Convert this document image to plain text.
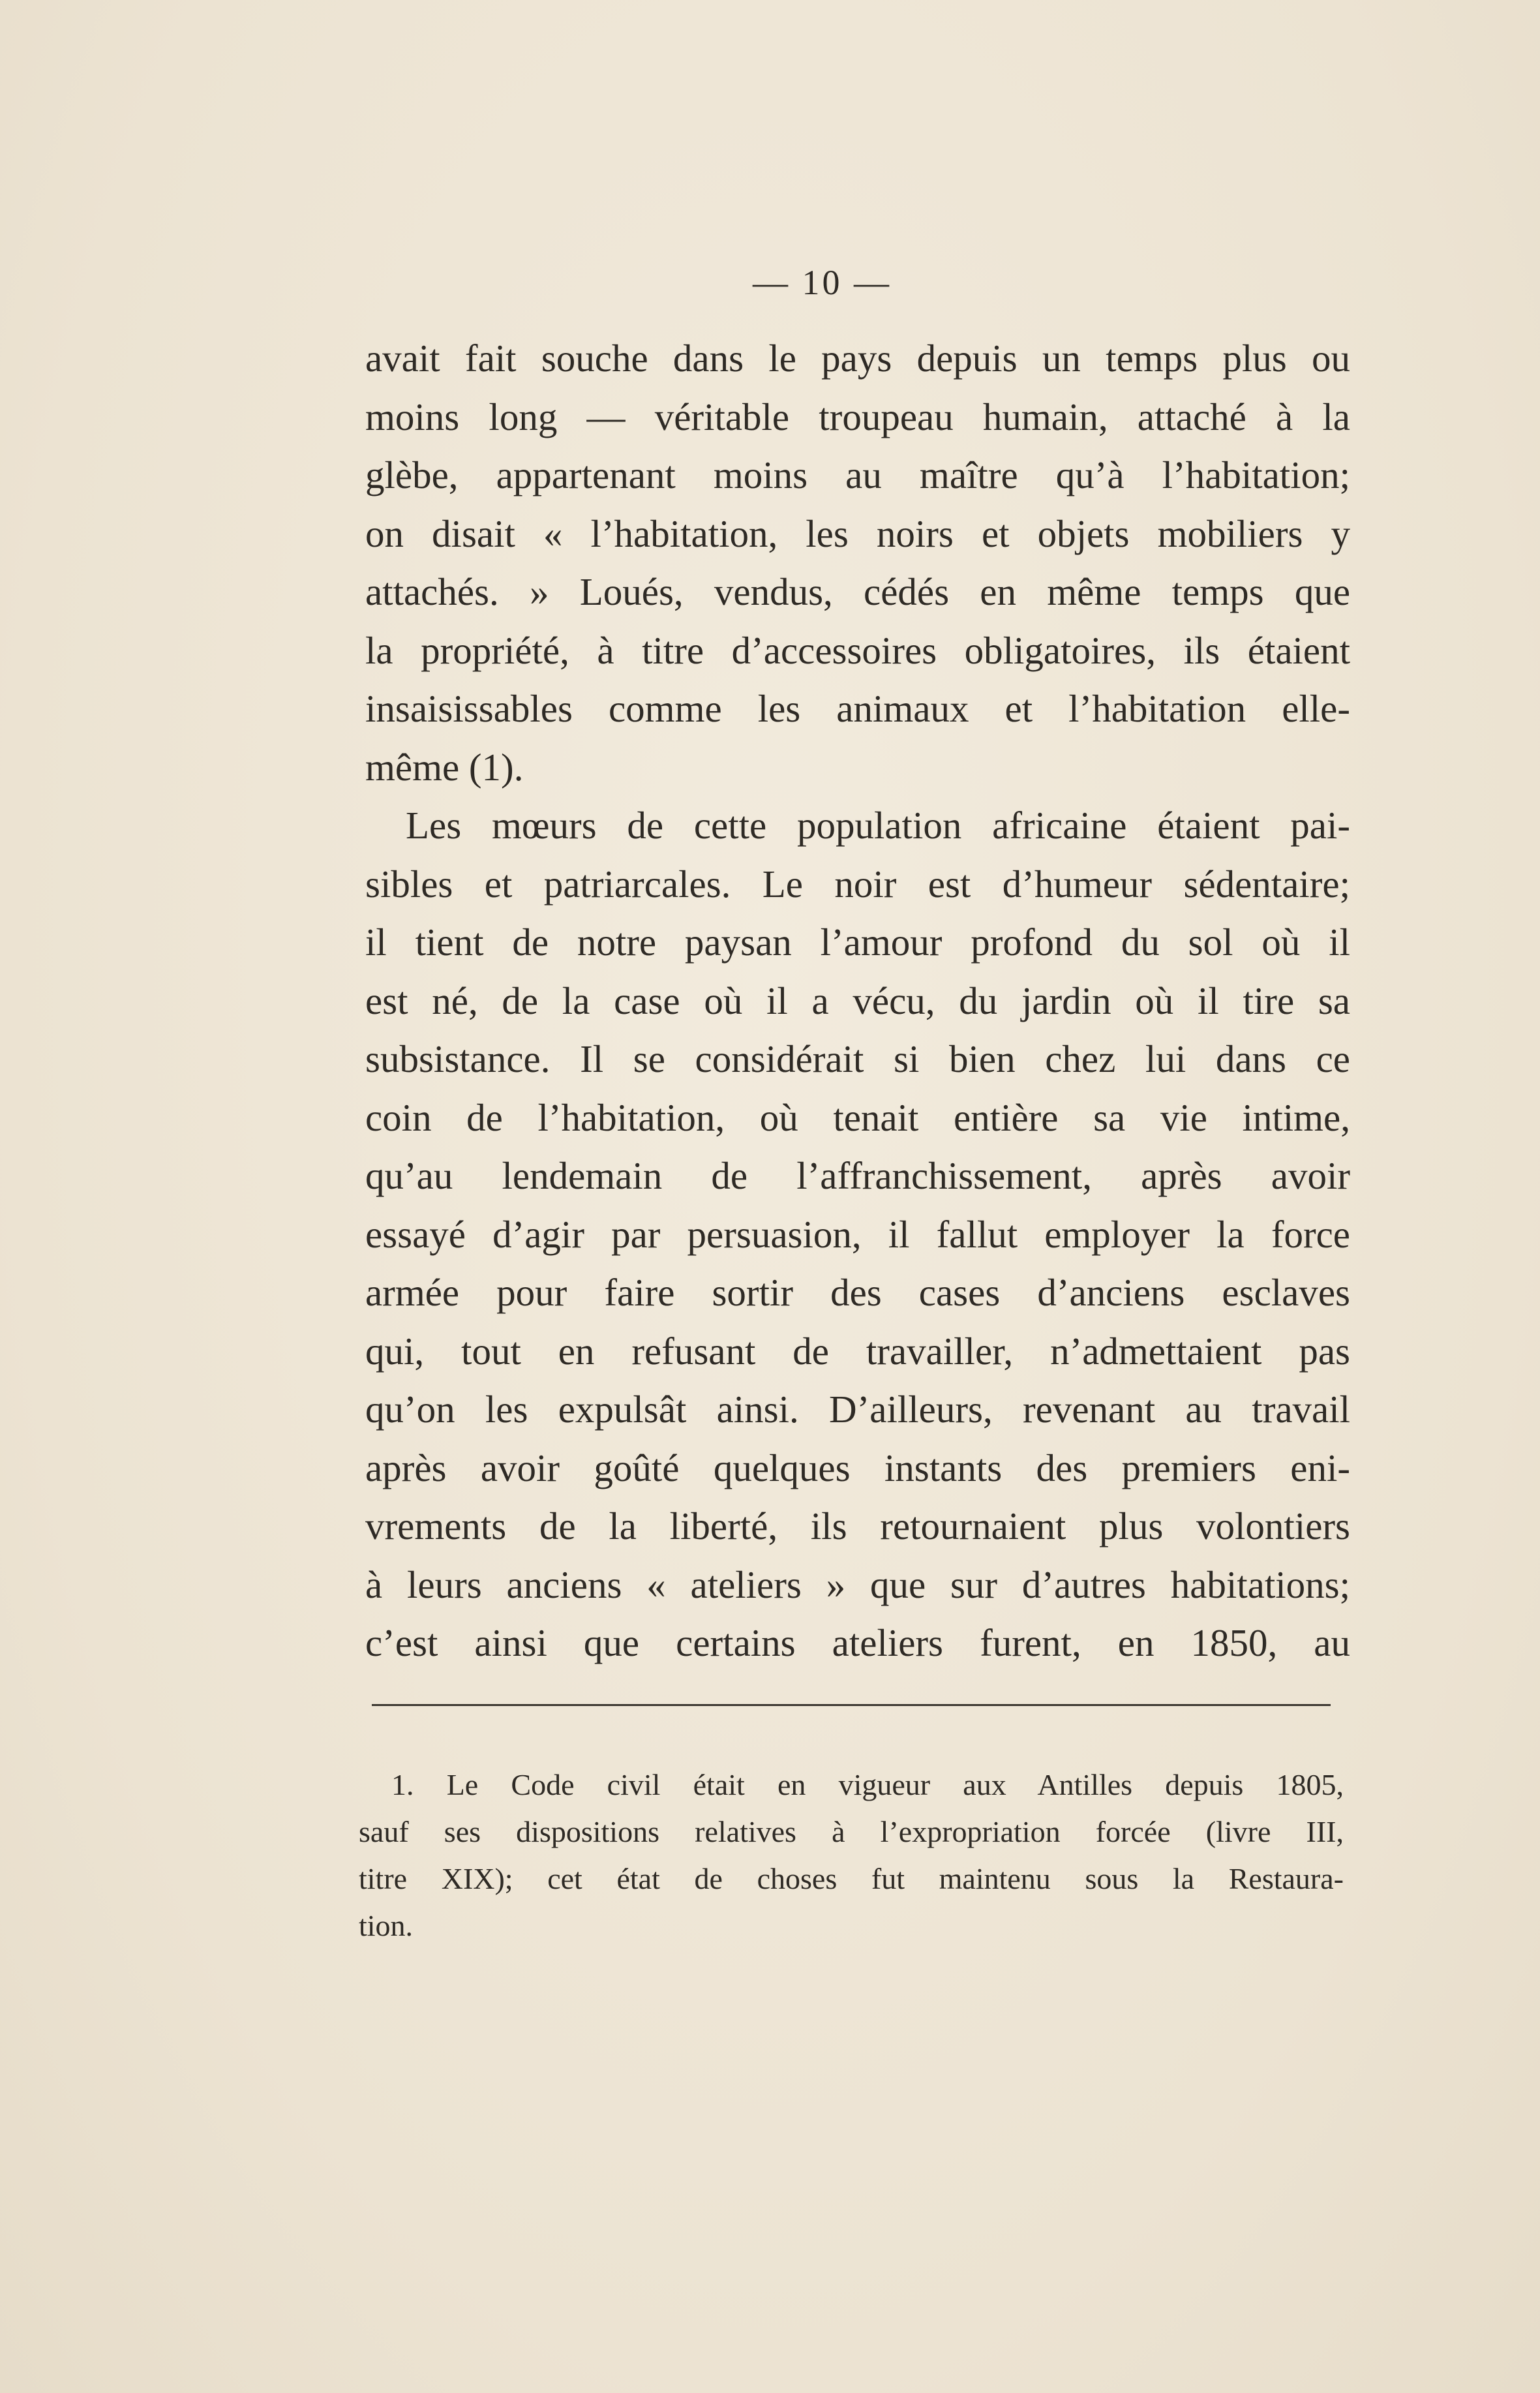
— 10 —
avait fait souche dans le pays depuis un temps plus ou
moins long — véritable troupeau humain, attaché à la
glèbe, appartenant moins au maître qu’à l’habitation;
on disait « l’habitation, les noirs et objets mobiliers y
attachés. » Loués, vendus, cédés en même temps que
la propriété, à titre d’accessoires obligatoires, ils étaient
insaisissables comme les animaux et l’habitation elle-
même (1).
Les mœurs de cette population africaine étaient pai-
sibles et patriarcales. Le noir est d’humeur sédentaire;
il tient de notre paysan l’amour profond du sol où il
est né, de la case où il a vécu, du jardin où il tire sa
subsistance. Il se considérait si bien chez lui dans ce
coin de l’habitation, où tenait entière sa vie intime,
qu’au lendemain de l’affranchissement, après avoir
essayé d’agir par persuasion, il fallut employer la force
armée pour faire sortir des cases d’anciens esclaves
qui, tout en refusant de travailler, n’admettaient pas
qu’on les expulsât ainsi. D’ailleurs, revenant au travail
après avoir goûté quelques instants des premiers eni-
vrements de la liberté, ils retournaient plus volontiers
à leurs anciens « ateliers » que sur d’autres habitations;
c’est ainsi que certains ateliers furent, en 1850, au
1. Le Code civil était en vigueur aux Antilles depuis 1805,
sauf ses dispositions relatives à l’expropriation forcée (livre III,
titre XIX); cet état de choses fut maintenu sous la Restaura-
tion.
